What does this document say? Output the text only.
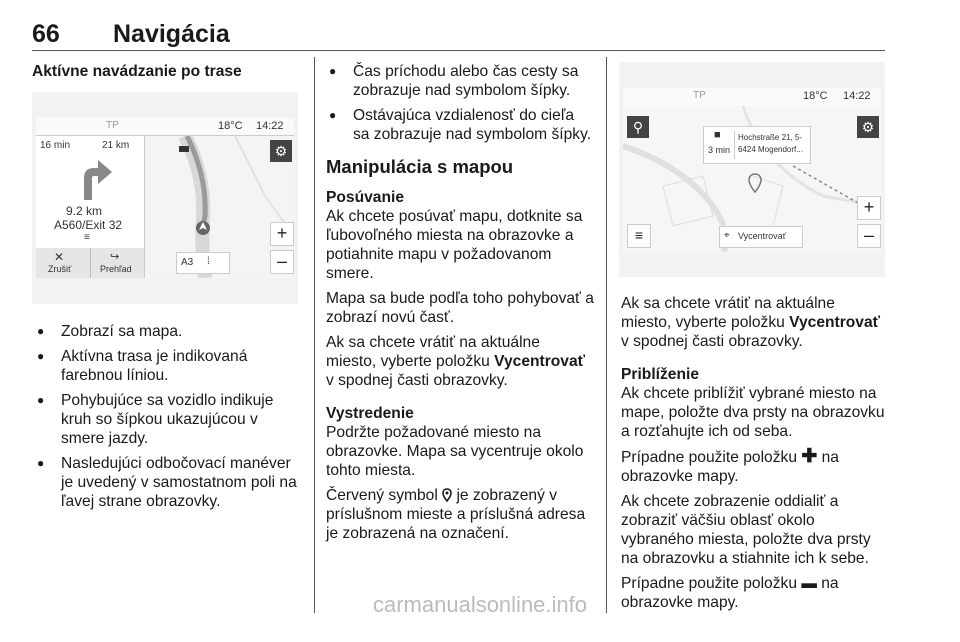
66 Navigácia
Aktívne navádzanie po trase
TP	18°C 14:22
16 min	21 km
9.2 km
A560/Exit 32
≡
✕
Zrušiť
↪
Prehľad
⚙
+
–
A3 ⁞
● Zobrazí sa mapa.
● Aktívna trasa je indikovaná farebnou líniou.
● Pohybujúce sa vozidlo indikuje kruh so šípkou ukazujúcou v smere jazdy.
● Nasledujúci odbočovací manéver je uvedený v samostatnom poli na ľavej strane obrazovky.
● Čas príchodu alebo čas cesty sa zobrazuje nad symbolom šípky.
● Ostávajúca vzdialenosť do cieľa sa zobrazuje nad symbolom šípky.
Manipulácia s mapou
Posúvanie

Ak chcete posúvať mapu, dotknite sa ľubovoľného miesta na obrazovke a potiahnite mapu v požadovanom smere.

Mapa sa bude podľa toho pohybovať a zobrazí novú časť.

Ak sa chcete vrátiť na aktuálne miesto, vyberte položku Vycentrovať v spodnej časti obrazovky.

Vystredenie

Podržte požadované miesto na obrazovke. Mapa sa vycentruje okolo tohto miesta.

Červený symbol  je zobrazený v príslušnom mieste a príslušná adresa je zobrazená na označení.

TP	18°C 14:22
■
3 min
Hochstraße 21, 5-
6424 Mogendorf...
⚲	⚙
+
–
≡	⌖ Vycentrovať

Ak sa chcete vrátiť na aktuálne miesto, vyberte položku Vycentrovať v spodnej časti obrazovky.

Priblíženie

Ak chcete priblížiť vybrané miesto na mape, položte dva prsty na obrazovku a rozťahujte ich od seba.

Prípadne použite položku ✚ na obrazovke mapy.

Ak chcete zobrazenie oddialiť a zobraziť väčšiu oblasť okolo vybraného miesta, položte dva prsty na obrazovku a stiahnite ich k sebe.

Prípadne použite položku ▬ na obrazovke mapy.

carmanualsonline.info
